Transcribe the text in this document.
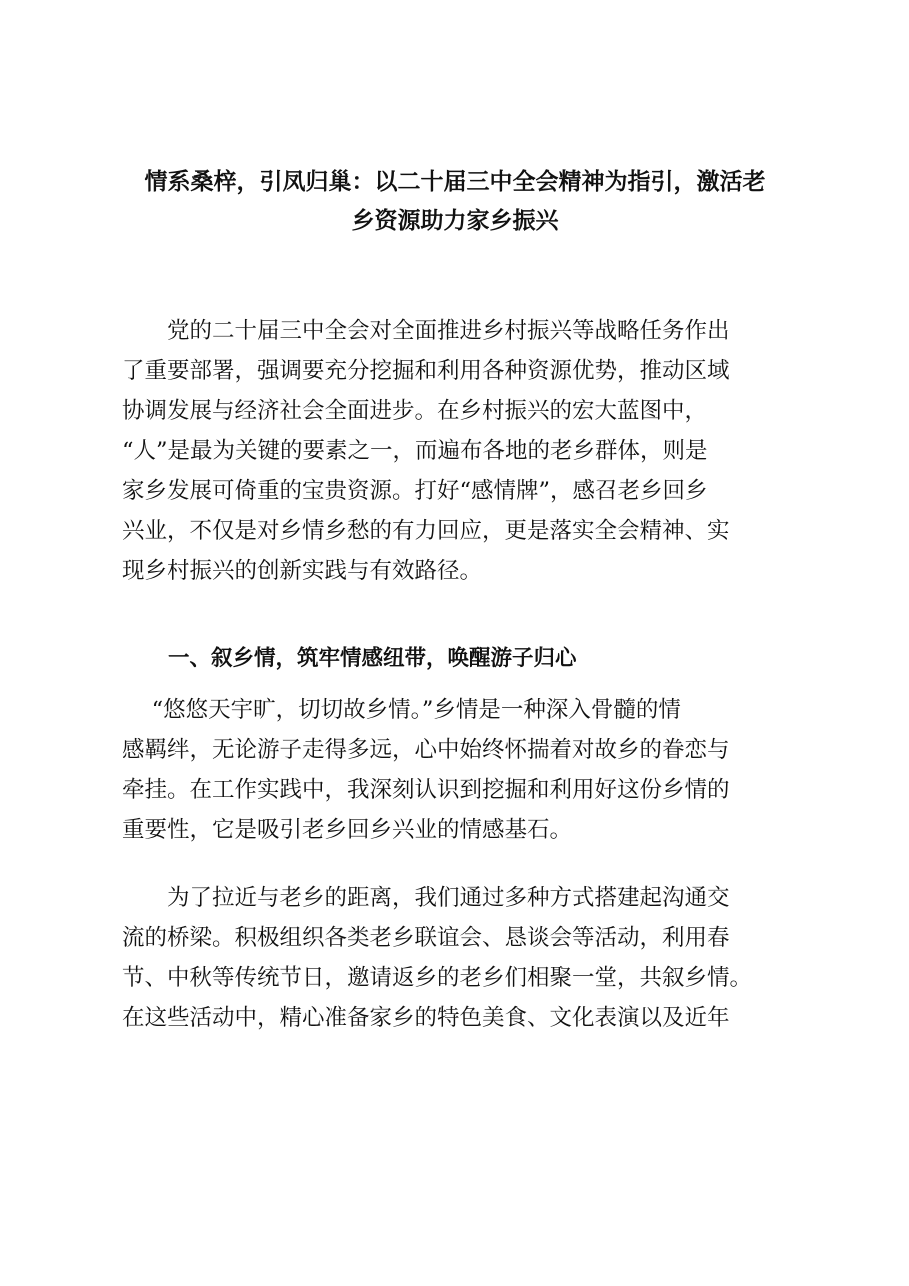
情系桑梓，引凤归巢：以二十届三中全会精神为指引，激活老
乡资源助力家乡振兴
　　党的二十届三中全会对全面推进乡村振兴等战略任务作出
了重要部署，强调要充分挖掘和利用各种资源优势，推动区域
协调发展与经济社会全面进步。在乡村振兴的宏大蓝图中，
“人”是最为关键的要素之一，而遍布各地的老乡群体，则是
家乡发展可倚重的宝贵资源。打好“感情牌”，感召老乡回乡
兴业，不仅是对乡情乡愁的有力回应，更是落实全会精神、实
现乡村振兴的创新实践与有效路径。
一、叙乡情，筑牢情感纽带，唤醒游子归心
　 “悠悠天宇旷，切切故乡情。”乡情是一种深入骨髓的情
感羁绊，无论游子走得多远，心中始终怀揣着对故乡的眷恋与
牵挂。在工作实践中，我深刻认识到挖掘和利用好这份乡情的
重要性，它是吸引老乡回乡兴业的情感基石。
　　为了拉近与老乡的距离，我们通过多种方式搭建起沟通交
流的桥梁。积极组织各类老乡联谊会、恳谈会等活动，利用春
节、中秋等传统节日，邀请返乡的老乡们相聚一堂，共叙乡情。
在这些活动中，精心准备家乡的特色美食、文化表演以及近年
